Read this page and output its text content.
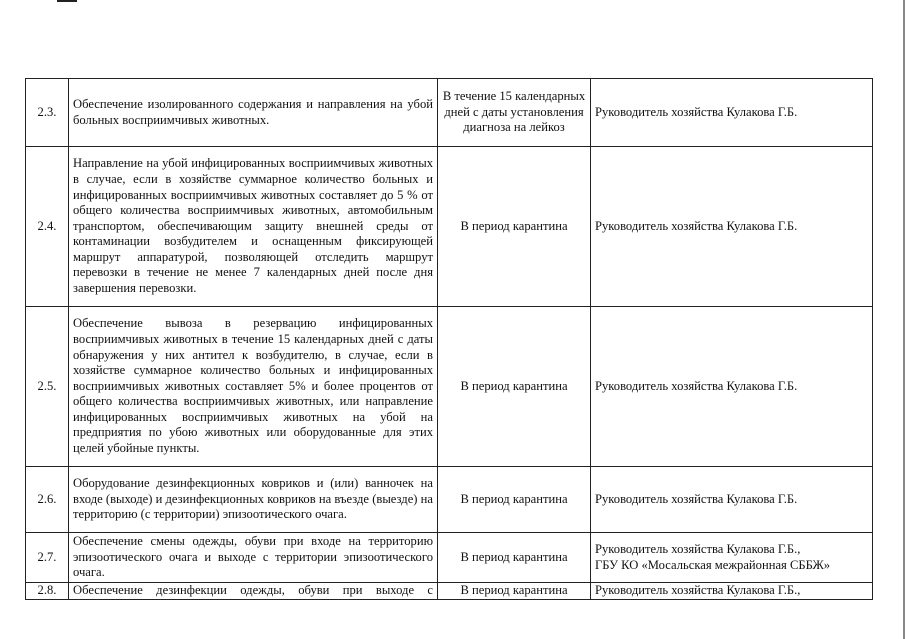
2.3.	Обеспечение изолированного содержания и направления на убой больных восприимчивых животных.	В течение 15 календарных дней с даты установления диагноза на лейкоз	Руководитель хозяйства Кулакова Г.Б.
2.4.	Направление на убой инфицированных восприимчивых животных в случае, если в хозяйстве суммарное количество больных и инфицированных восприимчивых животных составляет до 5 % от общего количества восприимчивых животных, автомобильным транспортом, обеспечивающим защиту внешней среды от контаминации возбудителем и оснащенным фиксирующей маршрут аппаратурой, позволяющей отследить маршрут перевозки в течение не менее 7 календарных дней после дня завершения перевозки.	В период карантина	Руководитель хозяйства Кулакова Г.Б.
2.5.	Обеспечение вывоза в резервацию инфицированных восприимчивых животных в течение 15 календарных дней с даты обнаружения у них антител к возбудителю, в случае, если в хозяйстве суммарное количество больных и инфицированных восприимчивых животных составляет 5% и более процентов от общего количества восприимчивых животных, или направление инфицированных восприимчивых животных на убой на предприятия по убою животных или оборудованные для этих целей убойные пункты.	В период карантина	Руководитель хозяйства Кулакова Г.Б.
2.6.	Оборудование дезинфекционных ковриков и (или) ванночек на входе (выходе) и дезинфекционных ковриков на въезде (выезде) на территорию (с территории) эпизоотического очага.	В период карантина	Руководитель хозяйства Кулакова Г.Б.
2.7.	Обеспечение смены одежды, обуви при входе на территорию эпизоотического очага и выходе с территории эпизоотического очага.	В период карантина	Руководитель хозяйства Кулакова Г.Б.,
ГБУ КО «Мосальская межрайонная СББЖ»

2.8.	Обеспечение дезинфекции одежды, обуви при выходе с	В период карантина	Руководитель хозяйства Кулакова Г.Б.,
